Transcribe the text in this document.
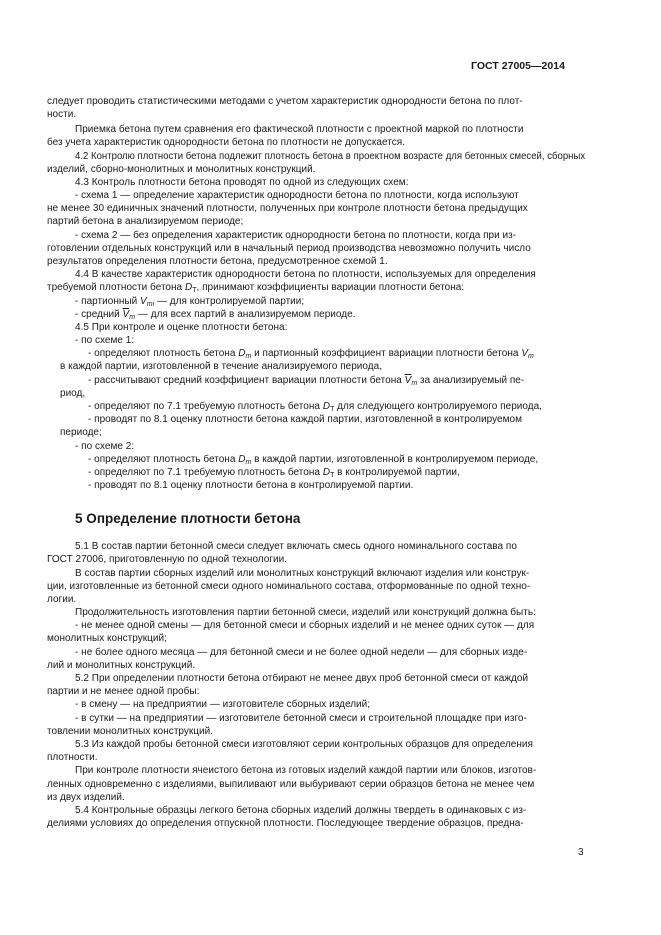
ГОСТ 27005—2014
следует проводить статистическими методами с учетом характеристик однородности бетона по плот-
ности.
Приемка бетона путем сравнения его фактической плотности с проектной маркой по плотности
без учета характеристик однородности бетона по плотности не допускается.
4.2 Контролю плотности бетона подлежит плотность бетона в проектном возрасте для бетонных смесей, сборных
изделий, сборно-монолитных и монолитных конструкций.
4.3 Контроль плотности бетона проводят по одной из следующих схем:
- схема 1 — определение характеристик однородности бетона по плотности, когда используют
не менее 30 единичных значений плотности, полученных при контроле плотности бетона предыдущих
партий бетона в анализируемом периоде;
- схема 2 — без определения характеристик однородности бетона по плотности, когда при из-
готовлении отдельных конструкций или в начальный период производства невозможно получить число
результатов определения плотности бетона, предусмотренное схемой 1.
4.4 В качестве характеристик однородности бетона по плотности, используемых для определения
требуемой плотности бетона $D_Т$, принимают коэффициенты вариации плотности бетона:
- партионный $V_{mi}$ — для контролируемой партии;
- средний $\overline{V}_m$ — для всех партий в анализируемом периоде.
4.5 При контроле и оценке плотности бетона:
- по схеме 1:
- определяют плотность бетона $D_m$ и партионный коэффициент вариации плотности бетона $V_m$
в каждой партии, изготовленной в течение анализируемого периода,
- рассчитывают средний коэффициент вариации плотности бетона $\overline{V}_m$ за анализируемый пе-
риод,
- определяют по 7.1 требуемую плотность бетона $D_Т$ для следующего контролируемого периода,
- проводят по 8.1 оценку плотности бетона каждой партии, изготовленной в контролируемом
периоде;
- по схеме 2:
- определяют плотность бетона $D_m$ в каждой партии, изготовленной в контролируемом периоде,
- определяют по 7.1 требуемую плотность бетона $D_Т$ в контролируемой партии,
- проводят по 8.1 оценку плотности бетона в контролируемой партии.
5 Определение плотности бетона
5.1 В состав партии бетонной смеси следует включать смесь одного номинального состава по
ГОСТ 27006, приготовленную по одной технологии.
В состав партии сборных изделий или монолитных конструкций включают изделия или конструк-
ции, изготовленные из бетонной смеси одного номинального состава, отформованные по одной техно-
логии.
Продолжительность изготовления партии бетонной смеси, изделий или конструкций должна быть:
- не менее одной смены — для бетонной смеси и сборных изделий и не менее одних суток — для
монолитных конструкций;
- не более одного месяца — для бетонной смеси и не более одной недели — для сборных изде-
лий и монолитных конструкций.
5.2 При определении плотности бетона отбирают не менее двух проб бетонной смеси от каждой
партии и не менее одной пробы:
- в смену — на предприятии — изготовителе сборных изделий;
- в сутки — на предприятии — изготовителе бетонной смеси и строительной площадке при изго-
товлении монолитных конструкций.
5.3 Из каждой пробы бетонной смеси изготовляют серии контрольных образцов для определения
плотности.
При контроле плотности ячеистого бетона из готовых изделий каждой партии или блоков, изготов-
ленных одновременно с изделиями, выпиливают или выбуривают серии образцов бетона не менее чем
из двух изделий.
5.4 Контрольные образцы легкого бетона сборных изделий должны твердеть в одинаковых с из-
делиями условиях до определения отпускной плотности. Последующее твердение образцов, предна-
3
